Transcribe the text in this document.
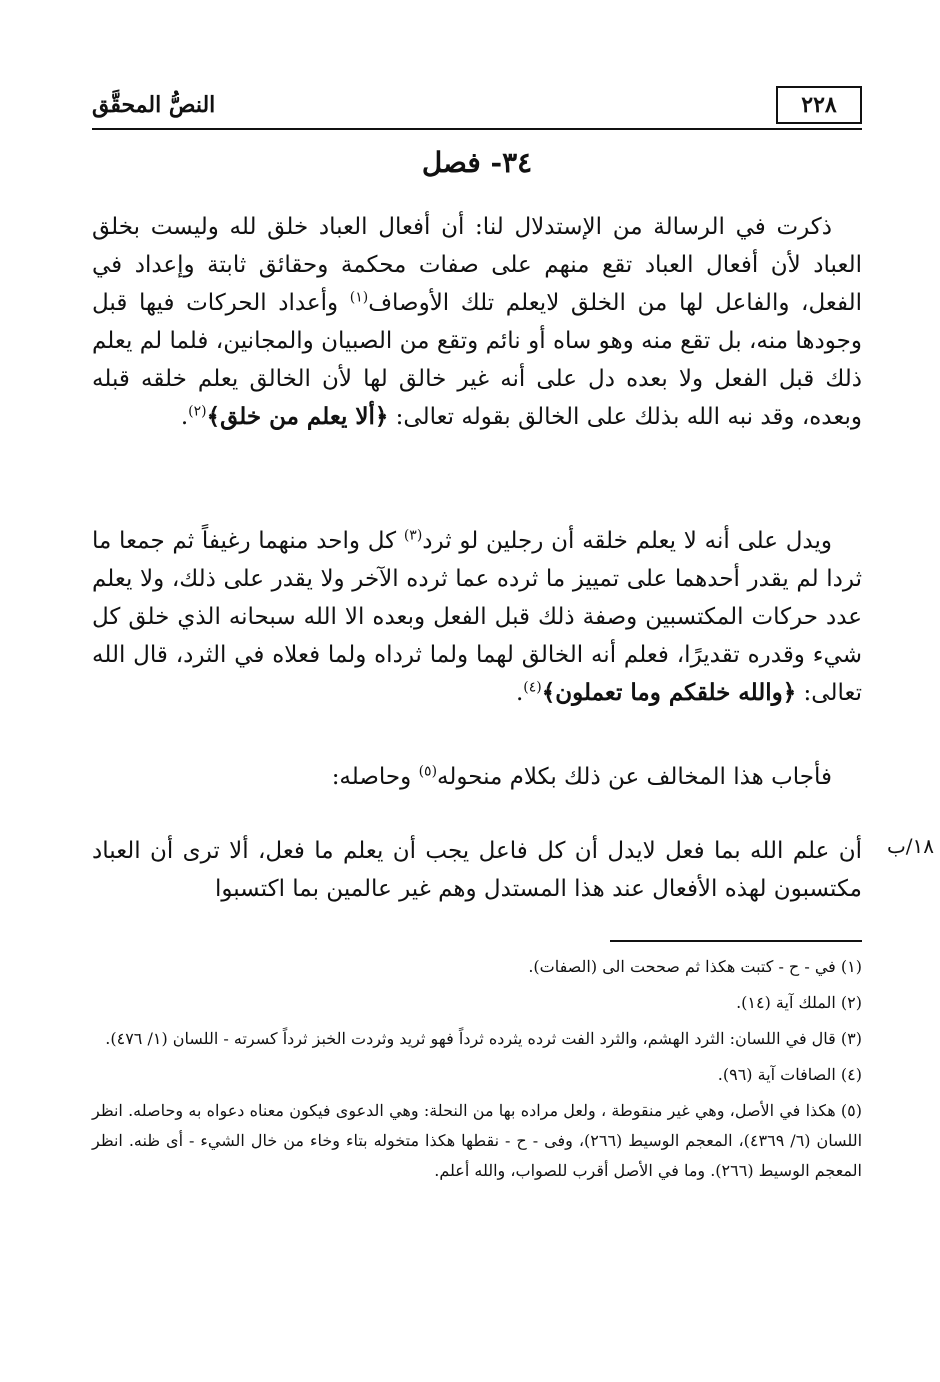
النصُّ المحقَّق	٢٢٨
٣٤- فصل
ذكرت في الرسالة من الإستدلال لنا: أن أفعال العباد خلق لله وليست بخلق العباد لأن أفعال العباد تقع منهم على صفات محكمة وحقائق ثابتة وإعداد في الفعل، والفاعل لها من الخلق لايعلم تلك الأوصاف$^{(١)}$ وأعداد الحركات فيها قبل وجودها منه، بل تقع منه وهو ساه أو نائم وتقع من الصبيان والمجانين، فلما لم يعلم ذلك قبل الفعل ولا بعده دل على أنه غير خالق لها لأن الخالق يعلم خلقه قبله وبعده، وقد نبه الله بذلك على الخالق بقوله تعالى: ﴿ألا يعلم من خلق﴾$^{(٢)}$.
ويدل على أنه لا يعلم خلقه أن رجلين لو ثرد$^{(٣)}$ كل واحد منهما رغيفاً ثم جمعا ما ثردا لم يقدر أحدهما على تمييز ما ثرده عما ثرده الآخر ولا يقدر على ذلك، ولا يعلم عدد حركات المكتسبين وصفة ذلك قبل الفعل وبعده الا الله سبحانه الذي خلق كل شيء وقدره تقديرًا، فعلم أنه الخالق لهما ولما ثرداه ولما فعلاه في الثرد، قال الله تعالى: ﴿والله خلقكم وما تعملون﴾$^{(٤)}$.
فأجاب هذا المخالف عن ذلك بكلام منحوله$^{(٥)}$ وحاصله:
١٨/ب
أن علم الله بما فعل لايدل أن كل فاعل يجب أن يعلم ما فعل، ألا ترى أن العباد مكتسبون لهذه الأفعال عند هذا المستدل وهم غير عالمين بما اكتسبوا
(١) في - ح - كتبت هكذا ثم صححت الى (الصفات).
(٢) الملك آية (١٤).
(٣) قال في اللسان: الثرد الهشم، والثرد الفت ثرده يثرده ثرداً فهو ثريد وثردت الخبز ثرداً كسرته - اللسان (١/ ٤٧٦).
(٤) الصافات آية (٩٦).
(٥) هكذا في الأصل، وهي غير منقوطة ، ولعل مراده بها من النحلة: وهي الدعوى فيكون معناه دعواه به وحاصله. انظر اللسان (٦/ ٤٣٦٩)، المعجم الوسيط (٢٦٦)، وفى - ح - نقطها هكذا متخوله بتاء وخاء من خال الشيء - أى ظنه. انظر المعجم الوسيط (٢٦٦). وما في الأصل أقرب للصواب، والله أعلم.
